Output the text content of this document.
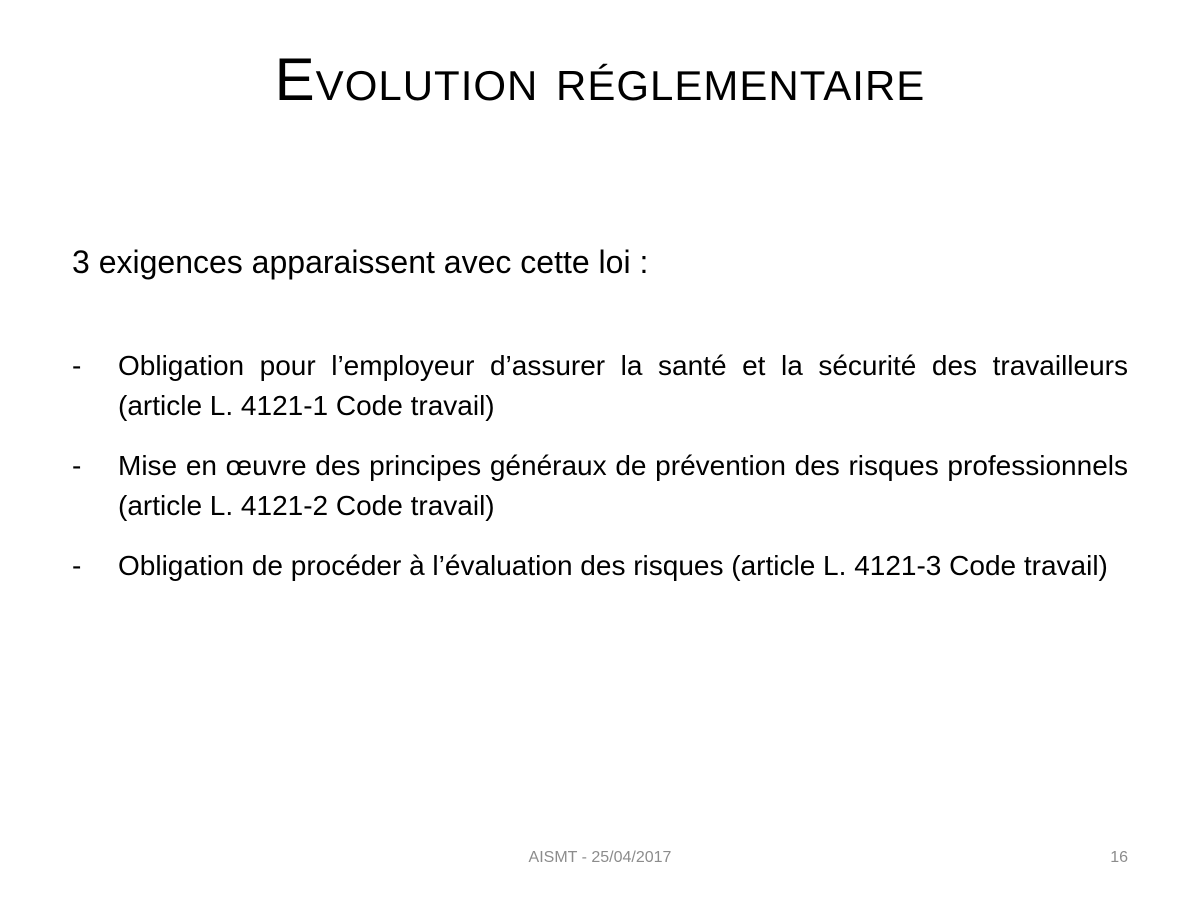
Evolution réglementaire
3 exigences apparaissent avec cette loi :
-	Obligation pour l’employeur d’assurer la santé et la sécurité des travailleurs (article L. 4121-1 Code travail)
-	Mise en œuvre des principes généraux de prévention des risques professionnels (article L. 4121-2 Code travail)
-	Obligation de procéder à l’évaluation des risques (article L. 4121-3 Code travail)
AISMT - 25/04/2017	16
